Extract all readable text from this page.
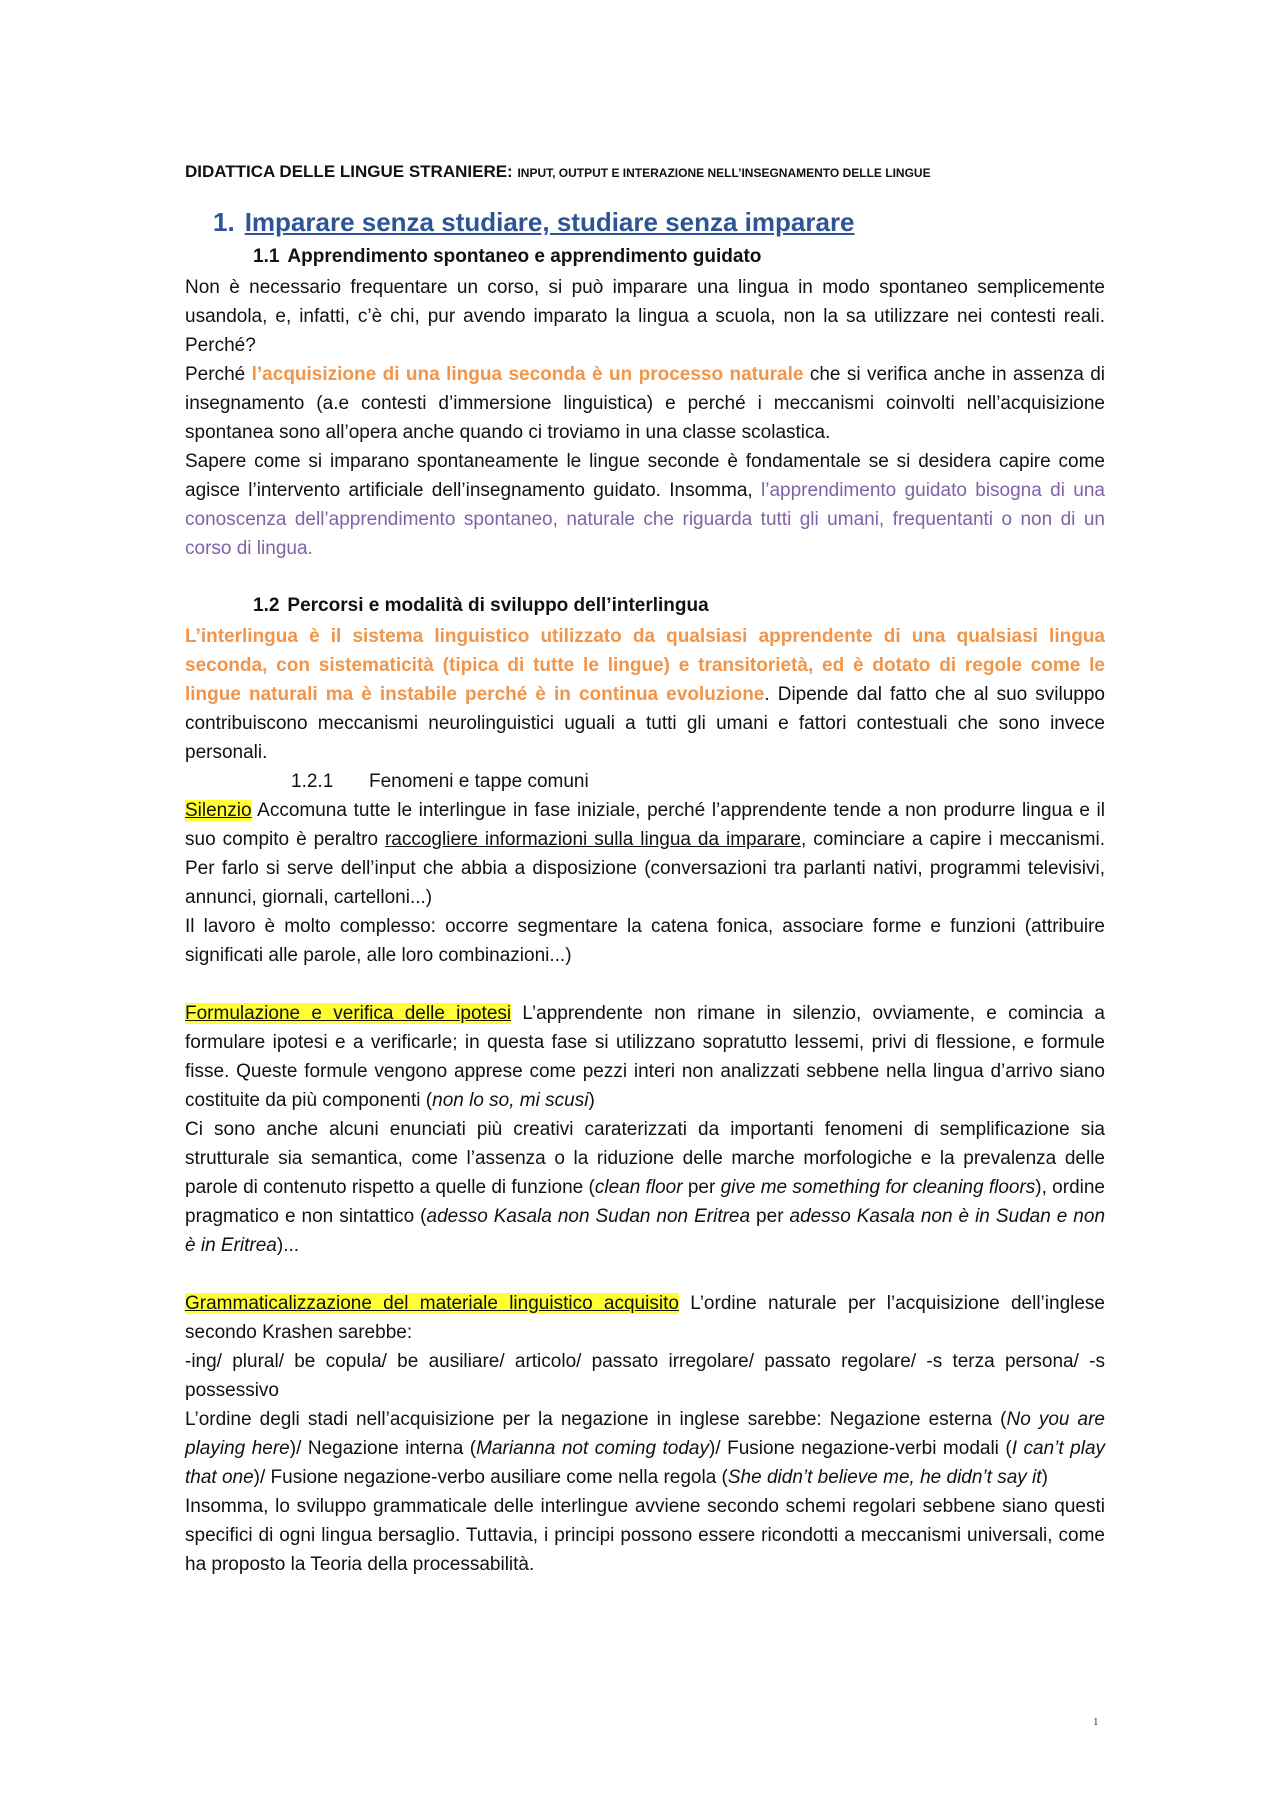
DIDATTICA DELLE LINGUE STRANIERE: INPUT, OUTPUT E INTERAZIONE NELL’INSEGNAMENTO DELLE LINGUE
1. Imparare senza studiare, studiare senza imparare
1.1 Apprendimento spontaneo e apprendimento guidato

Non è necessario frequentare un corso, si può imparare una lingua in modo spontaneo semplicemente usandola, e, infatti, c’è chi, pur avendo imparato la lingua a scuola, non la sa utilizzare nei contesti reali. Perché?

Perché l’acquisizione di una lingua seconda è un processo naturale che si verifica anche in assenza di insegnamento (a.e contesti d’immersione linguistica) e perché i meccanismi coinvolti nell’acquisizione spontanea sono all’opera anche quando ci troviamo in una classe scolastica.

Sapere come si imparano spontaneamente le lingue seconde è fondamentale se si desidera capire come agisce l’intervento artificiale dell’insegnamento guidato. Insomma, l’apprendimento guidato bisogna di una conoscenza dell’apprendimento spontaneo, naturale che riguarda tutti gli umani, frequentanti o non di un corso di lingua.

1.2 Percorsi e modalità di sviluppo dell’interlingua

L’interlingua è il sistema linguistico utilizzato da qualsiasi apprendente di una qualsiasi lingua seconda, con sistematicità (tipica di tutte le lingue) e transitorietà, ed è dotato di regole come le lingue naturali ma è instabile perché è in continua evoluzione. Dipende dal fatto che al suo sviluppo contribuiscono meccanismi neurolinguistici uguali a tutti gli umani e fattori contestuali che sono invece personali.

1.2.1 Fenomeni e tappe comuni

Silenzio Accomuna tutte le interlingue in fase iniziale, perché l’apprendente tende a non produrre lingua e il suo compito è peraltro raccogliere informazioni sulla lingua da imparare, cominciare a capire i meccanismi. Per farlo si serve dell’input che abbia a disposizione (conversazioni tra parlanti nativi, programmi televisivi, annunci, giornali, cartelloni...)

Il lavoro è molto complesso: occorre segmentare la catena fonica, associare forme e funzioni (attribuire significati alle parole, alle loro combinazioni...)

Formulazione e verifica delle ipotesi L’apprendente non rimane in silenzio, ovviamente, e comincia a formulare ipotesi e a verificarle; in questa fase si utilizzano sopratutto lessemi, privi di flessione, e formule fisse. Queste formule vengono apprese come pezzi interi non analizzati sebbene nella lingua d’arrivo siano costituite da più componenti (non lo so, mi scusi)

Ci sono anche alcuni enunciati più creativi caraterizzati da importanti fenomeni di semplificazione sia strutturale sia semantica, come l’assenza o la riduzione delle marche morfologiche e la prevalenza delle parole di contenuto rispetto a quelle di funzione (clean floor per give me something for cleaning floors), ordine pragmatico e non sintattico (adesso Kasala non Sudan non Eritrea per adesso Kasala non è in Sudan e non è in Eritrea)...

Grammaticalizzazione del materiale linguistico acquisito L’ordine naturale per l’acquisizione dell’inglese secondo Krashen sarebbe:

-ing/ plural/ be copula/ be ausiliare/ articolo/ passato irregolare/ passato regolare/ -s terza persona/ -s possessivo

L’ordine degli stadi nell’acquisizione per la negazione in inglese sarebbe: Negazione esterna (No you are playing here)/ Negazione interna (Marianna not coming today)/ Fusione negazione-verbi modali (I can’t play that one)/ Fusione negazione-verbo ausiliare come nella regola (She didn’t believe me, he didn’t say it)

Insomma, lo sviluppo grammaticale delle interlingue avviene secondo schemi regolari sebbene siano questi specifici di ogni lingua bersaglio. Tuttavia, i principi possono essere ricondotti a meccanismi universali, come ha proposto la Teoria della processabilità.

1
